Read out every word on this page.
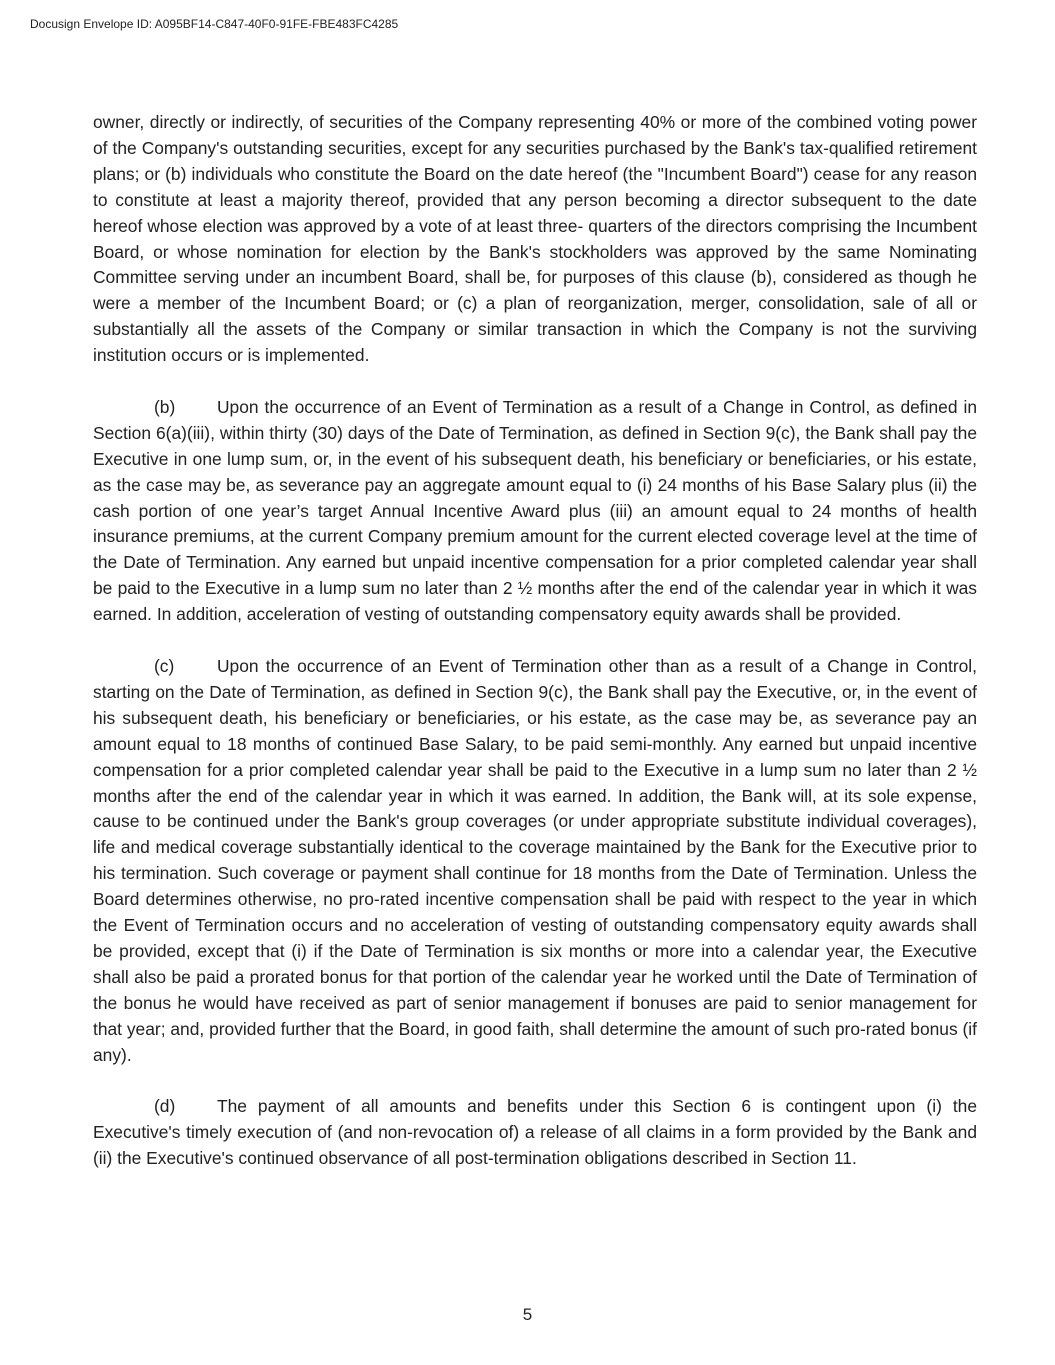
Docusign Envelope ID: A095BF14-C847-40F0-91FE-FBE483FC4285

owner, directly or indirectly, of securities of the Company representing 40% or more of the combined voting power of the Company's outstanding securities, except for any securities purchased by the Bank's tax-qualified retirement plans; or (b) individuals who constitute the Board on the date hereof (the "Incumbent Board") cease for any reason to constitute at least a majority thereof, provided that any person becoming a director subsequent to the date hereof whose election was approved by a vote of at least three- quarters of the directors comprising the Incumbent Board, or whose nomination for election by the Bank's stockholders was approved by the same Nominating Committee serving under an incumbent Board, shall be, for purposes of this clause (b), considered as though he were a member of the Incumbent Board; or (c) a plan of reorganization, merger, consolidation, sale of all or substantially all the assets of the Company or similar transaction in which the Company is not the surviving institution occurs or is implemented.

(b) Upon the occurrence of an Event of Termination as a result of a Change in Control, as defined in Section 6(a)(iii), within thirty (30) days of the Date of Termination, as defined in Section 9(c), the Bank shall pay the Executive in one lump sum, or, in the event of his subsequent death, his beneficiary or beneficiaries, or his estate, as the case may be, as severance pay an aggregate amount equal to (i) 24 months of his Base Salary plus (ii) the cash portion of one year’s target Annual Incentive Award plus (iii) an amount equal to 24 months of health insurance premiums, at the current Company premium amount for the current elected coverage level at the time of the Date of Termination. Any earned but unpaid incentive compensation for a prior completed calendar year shall be paid to the Executive in a lump sum no later than 2 ½ months after the end of the calendar year in which it was earned. In addition, acceleration of vesting of outstanding compensatory equity awards shall be provided.

(c) Upon the occurrence of an Event of Termination other than as a result of a Change in Control, starting on the Date of Termination, as defined in Section 9(c), the Bank shall pay the Executive, or, in the event of his subsequent death, his beneficiary or beneficiaries, or his estate, as the case may be, as severance pay an amount equal to 18 months of continued Base Salary, to be paid semi-monthly. Any earned but unpaid incentive compensation for a prior completed calendar year shall be paid to the Executive in a lump sum no later than 2 ½ months after the end of the calendar year in which it was earned. In addition, the Bank will, at its sole expense, cause to be continued under the Bank's group coverages (or under appropriate substitute individual coverages), life and medical coverage substantially identical to the coverage maintained by the Bank for the Executive prior to his termination. Such coverage or payment shall continue for 18 months from the Date of Termination. Unless the Board determines otherwise, no pro-rated incentive compensation shall be paid with respect to the year in which the Event of Termination occurs and no acceleration of vesting of outstanding compensatory equity awards shall be provided, except that (i) if the Date of Termination is six months or more into a calendar year, the Executive shall also be paid a prorated bonus for that portion of the calendar year he worked until the Date of Termination of the bonus he would have received as part of senior management if bonuses are paid to senior management for that year; and, provided further that the Board, in good faith, shall determine the amount of such pro-rated bonus (if any).

(d) The payment of all amounts and benefits under this Section 6 is contingent upon (i) the Executive's timely execution of (and non-revocation of) a release of all claims in a form provided by the Bank and (ii) the Executive's continued observance of all post-termination obligations described in Section 11.

5
